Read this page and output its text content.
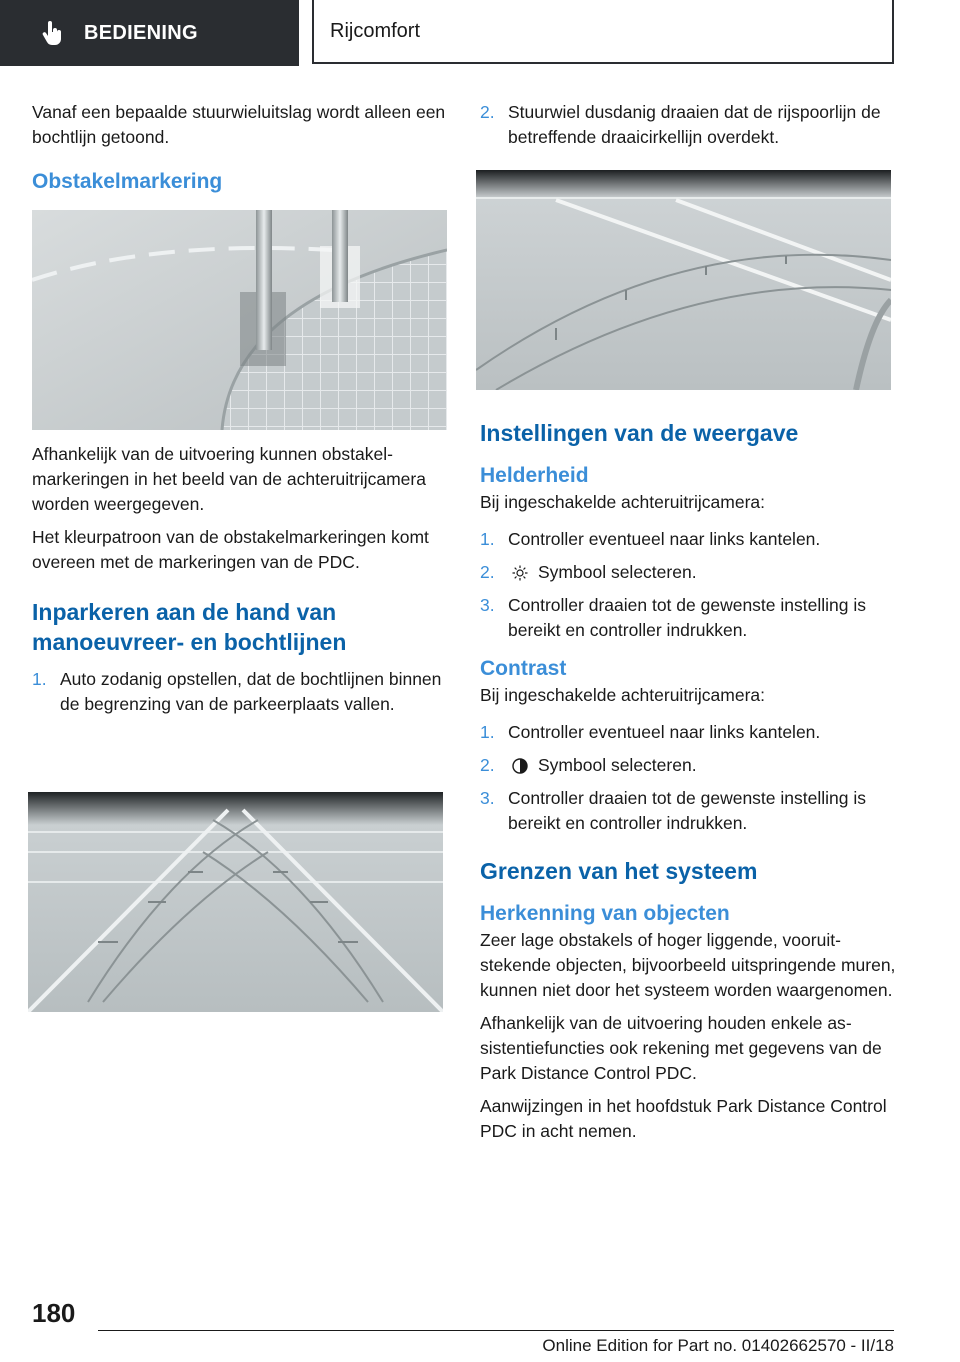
BEDIENING	Rijcomfort

Vanaf een bepaalde stuurwieluitslag wordt alleen een bochtlijn getoond.

Obstakelmarkering

Afhankelijk van de uitvoering kunnen obstakelmarkeringen in het beeld van de achteruitrijcamera worden weergegeven.

Het kleurpatroon van de obstakelmarkeringen komt overeen met de markeringen van de PDC.

Inparkeren aan de hand van manoeuvreer- en bochtlijnen
1. Auto zodanig opstellen, dat de bochtlijnen binnen de begrenzing van de parkeerplaats vallen.
2. Stuurwiel dusdanig draaien dat de rijspoorlijn de betreffende draaicirkellijn overdekt.
Instellingen van de weergave
Helderheid

Bij ingeschakelde achteruitrijcamera:

1. Controller eventueel naar links kantelen.
2.	Symbool selecteren.
3. Controller draaien tot de gewenste instelling is bereikt en controller indrukken.
Contrast

Bij ingeschakelde achteruitrijcamera:

1. Controller eventueel naar links kantelen.
2.	Symbool selecteren.
3. Controller draaien tot de gewenste instelling is bereikt en controller indrukken.
Grenzen van het systeem
Herkenning van objecten

Zeer lage obstakels of hoger liggende, vooruitstekende objecten, bijvoorbeeld uitspringende muren, kunnen niet door het systeem worden waargenomen.

Afhankelijk van de uitvoering houden enkele assistentiefuncties ook rekening met gegevens van de Park Distance Control PDC.

Aanwijzingen in het hoofdstuk Park Distance Control PDC in acht nemen.

180
Online Edition for Part no. 01402662570 - II/18
